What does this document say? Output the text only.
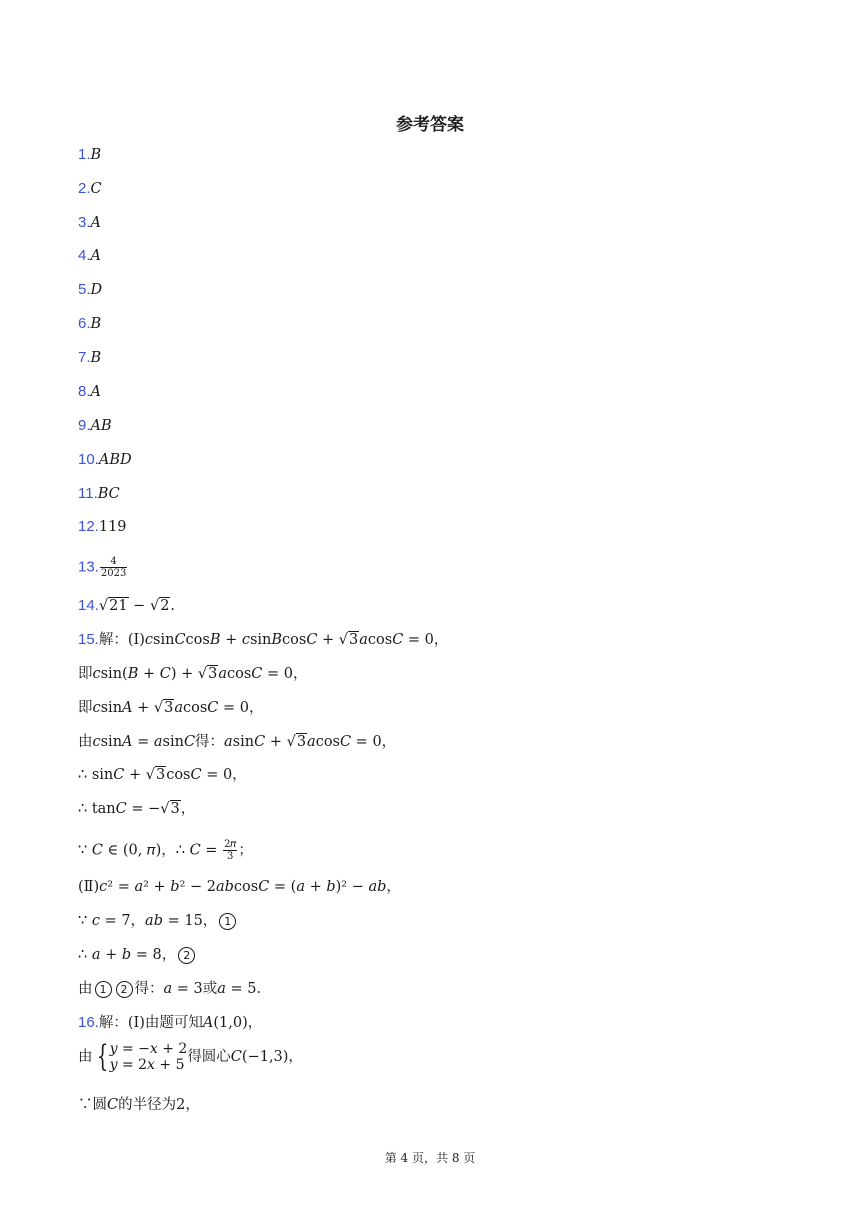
参考答案
1.B
2.C
3.A
4.A
5.D
6.B
7.B
8.A
9.AB
10.ABD
11.BC
12.119
13. $\frac{4}{2023}$
14.√21 − √2.
15.解：(Ⅰ)𝑐sin𝐶cos𝐵 + 𝑐sin𝐵cos𝐶 + √3𝑎cos𝐶 = 0，
即𝑐sin(𝐵 + 𝐶) + √3𝑎cos𝐶 = 0，
即𝑐sin𝐴 + √3𝑎cos𝐶 = 0，
由𝑐sin𝐴 = 𝑎sin𝐶得：𝑎sin𝐶 + √3𝑎cos𝐶 = 0，
∴ sin𝐶 + √3cos𝐶 = 0，
∴ tan𝐶 = −√3，
∵ 𝐶 ∈ (0, 𝜋)，∴ 𝐶 = $\frac{\text{2𝜋}}{3}$ ；
(Ⅱ)𝑐² = 𝑎² + 𝑏² − 2𝑎𝑏cos𝐶 = (𝑎 + 𝑏)² − 𝑎𝑏，
∵ 𝑐 = 7，𝑎𝑏 = 15， 1
∴ 𝑎 + 𝑏 = 8， 2
由 1 2 得：𝑎 = 3或𝑎 = 5．
16.解：(Ⅰ)由题可知𝐴(1,0)，
由 { 𝑦 = −𝑥 + 2
𝑦 = 2𝑥 + 5 得圆心𝐶(−1,3)，
∵圆𝐶的半径为2，
第 4 页，共 8 页
